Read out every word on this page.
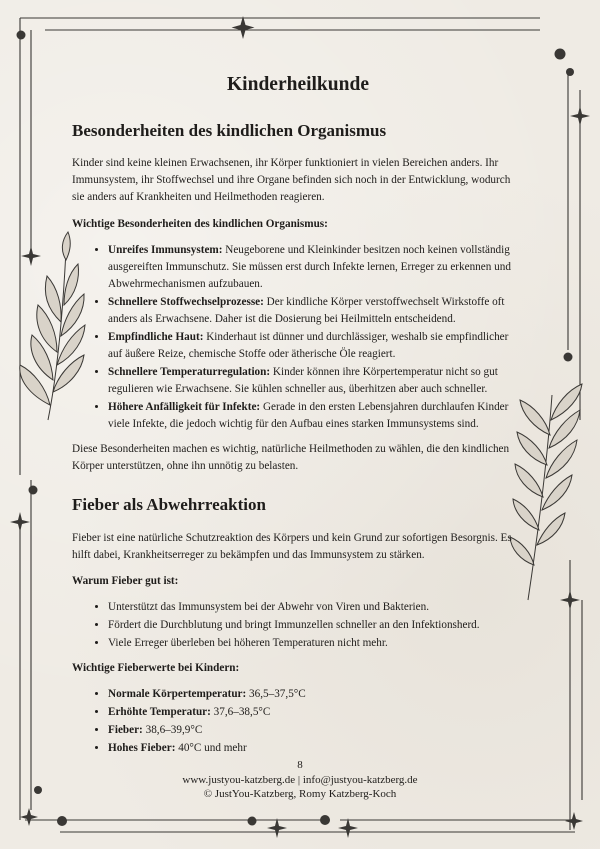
Kinderheilkunde
Besonderheiten des kindlichen Organismus

Kinder sind keine kleinen Erwachsenen, ihr Körper funktioniert in vielen Bereichen anders. Ihr Immunsystem, ihr Stoffwechsel und ihre Organe befinden sich noch in der Entwicklung, wodurch sie anders auf Krankheiten und Heilmethoden reagieren.

Wichtige Besonderheiten des kindlichen Organismus:

• Unreifes Immunsystem: Neugeborene und Kleinkinder besitzen noch keinen vollständig ausgereiften Immunschutz. Sie müssen erst durch Infekte lernen, Erreger zu erkennen und Abwehrmechanismen aufzubauen.
• Schnellere Stoffwechselprozesse: Der kindliche Körper verstoffwechselt Wirkstoffe oft anders als Erwachsene. Daher ist die Dosierung bei Heilmitteln entscheidend.
• Empfindliche Haut: Kinderhaut ist dünner und durchlässiger, weshalb sie empfindlicher auf äußere Reize, chemische Stoffe oder ätherische Öle reagiert.
• Schnellere Temperaturregulation: Kinder können ihre Körpertemperatur nicht so gut regulieren wie Erwachsene. Sie kühlen schneller aus, überhitzen aber auch schneller.
• Höhere Anfälligkeit für Infekte: Gerade in den ersten Lebensjahren durchlaufen Kinder viele Infekte, die jedoch wichtig für den Aufbau eines starken Immunsystems sind.

Diese Besonderheiten machen es wichtig, natürliche Heilmethoden zu wählen, die den kindlichen Körper unterstützen, ohne ihn unnötig zu belasten.

Fieber als Abwehrreaktion

Fieber ist eine natürliche Schutzreaktion des Körpers und kein Grund zur sofortigen Besorgnis. Es hilft dabei, Krankheitserreger zu bekämpfen und das Immunsystem zu stärken.

Warum Fieber gut ist:

• Unterstützt das Immunsystem bei der Abwehr von Viren und Bakterien.
• Fördert die Durchblutung und bringt Immunzellen schneller an den Infektionsherd.
• Viele Erreger überleben bei höheren Temperaturen nicht mehr.

Wichtige Fieberwerte bei Kindern:

• Normale Körpertemperatur: 36,5–37,5°C
• Erhöhte Temperatur: 37,6–38,5°C
• Fieber: 38,6–39,9°C
• Hohes Fieber: 40°C und mehr
8
www.justyou-katzberg.de | info@justyou-katzberg.de
© JustYou-Katzberg, Romy Katzberg-Koch
